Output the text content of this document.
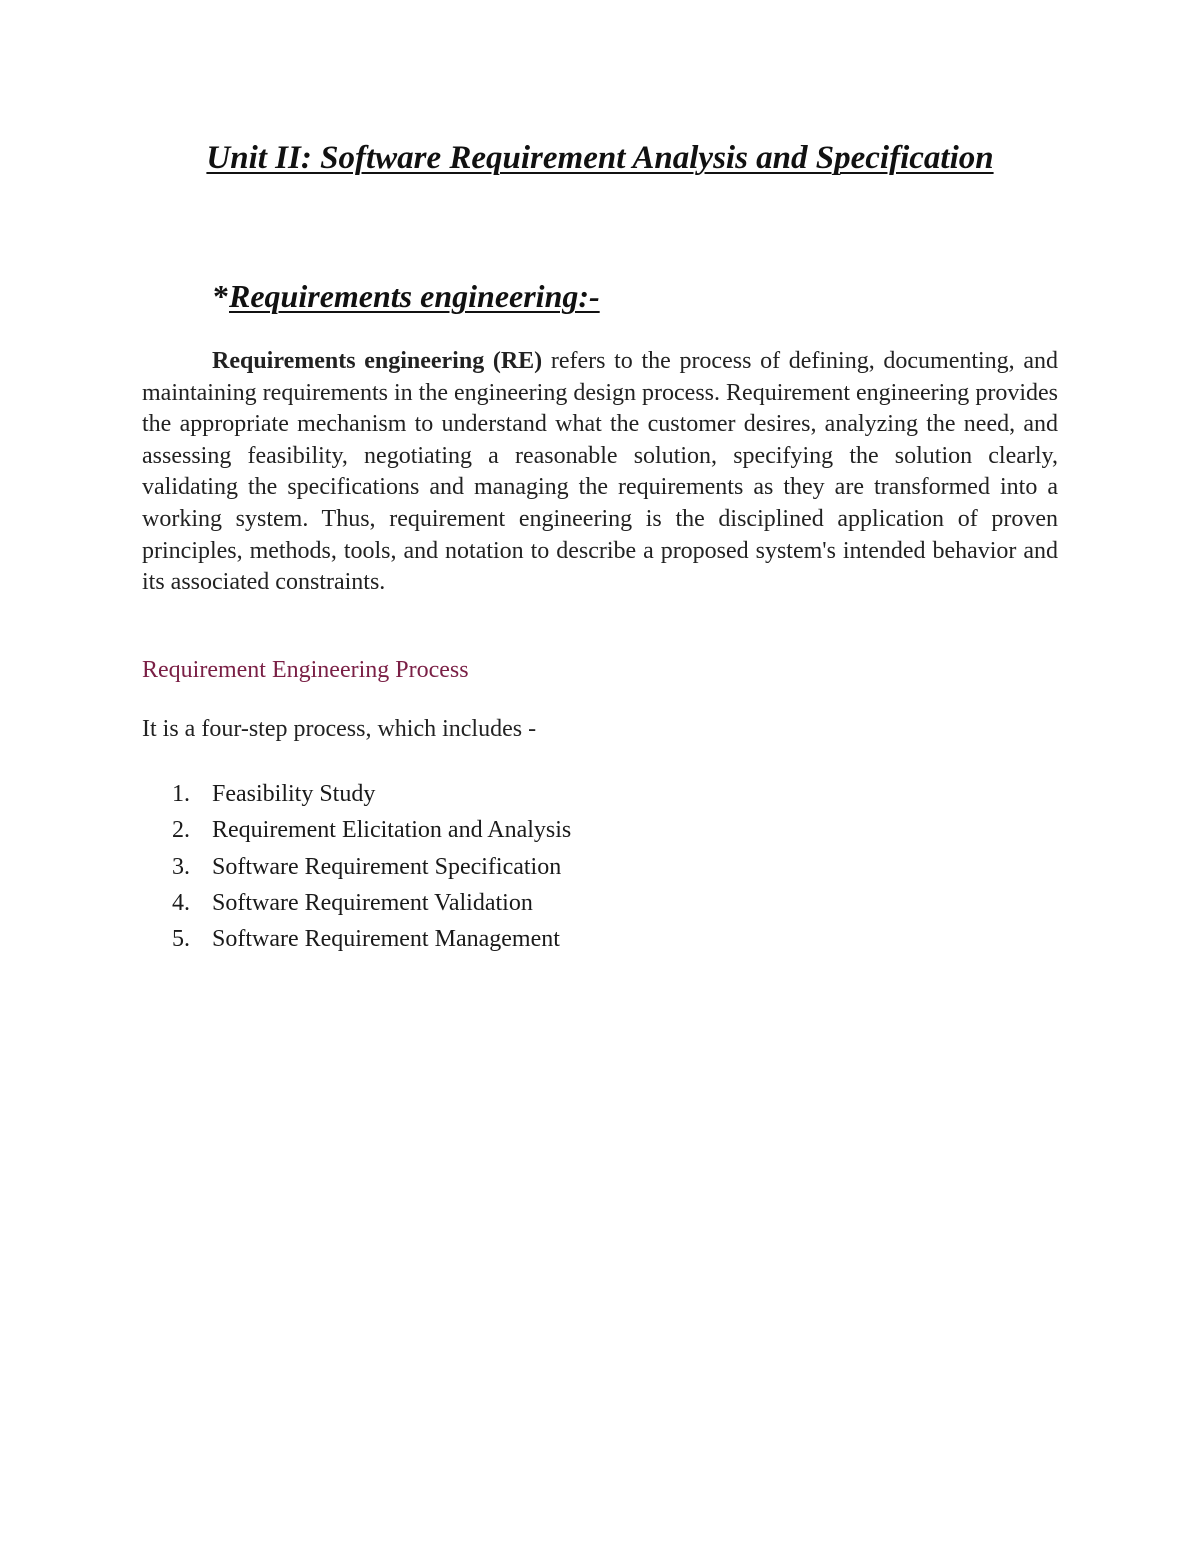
Unit II: Software Requirement Analysis and Specification
*Requirements engineering:-

Requirements engineering (RE) refers to the process of defining, documenting, and maintaining requirements in the engineering design process. Requirement engineering provides the appropriate mechanism to understand what the customer desires, analyzing the need, and assessing feasibility, negotiating a reasonable solution, specifying the solution clearly, validating the specifications and managing the requirements as they are transformed into a working system. Thus, requirement engineering is the disciplined application of proven principles, methods, tools, and notation to describe a proposed system's intended behavior and its associated constraints.

Requirement Engineering Process
It is a four-step process, which includes -
1. Feasibility Study
2. Requirement Elicitation and Analysis
3. Software Requirement Specification
4. Software Requirement Validation
5. Software Requirement Management
